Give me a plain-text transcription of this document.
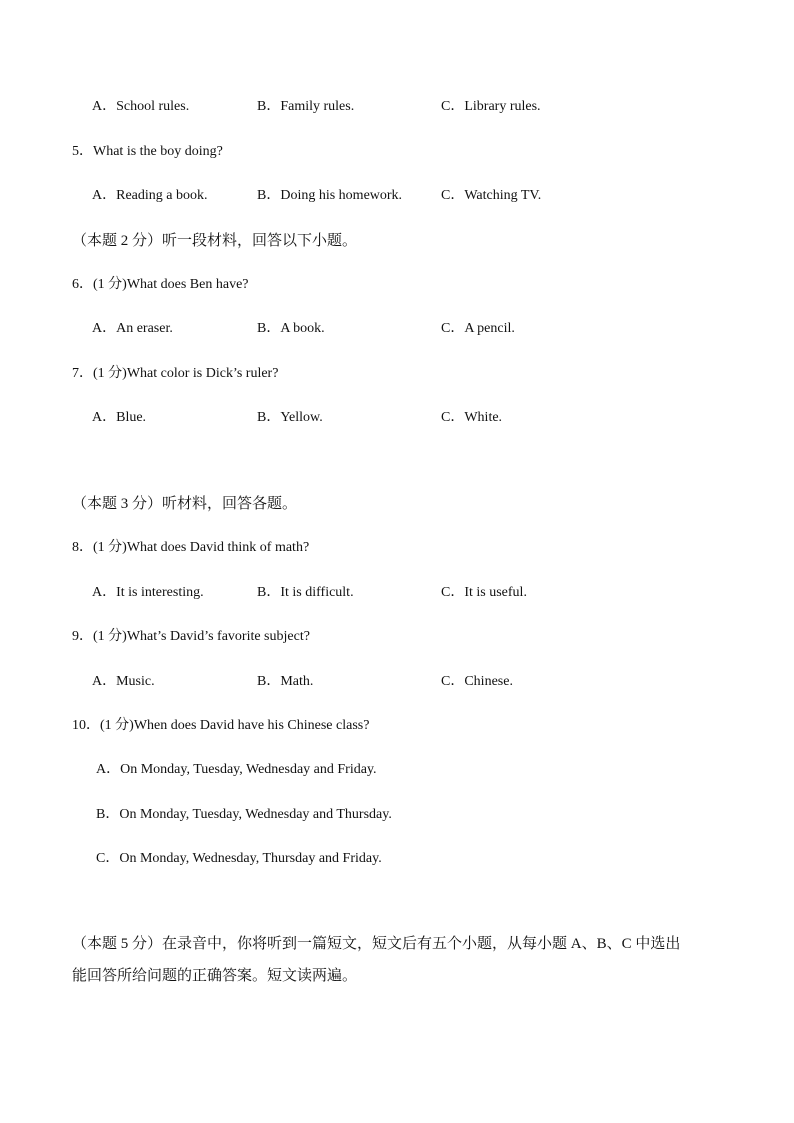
A．School rules.	B．Family rules.	C．Library rules.
5．What is the boy doing?
A．Reading a book.	B．Doing his homework.	C．Watching TV.
（本题 2 分）听一段材料，回答以下小题。
6．(1 分)What does Ben have?
A．An eraser.	B．A book.	C．A pencil.
7．(1 分)What color is Dick’s ruler?
A．Blue.	B．Yellow.	C．White.
（本题 3 分）听材料，回答各题。
8．(1 分)What does David think of math?
A．It is interesting.	B．It is difficult.	C．It is useful.
9．(1 分)What’s David’s favorite subject?
A．Music.	B．Math.	C．Chinese.
10．(1 分)When does David have his Chinese class?
A．On Monday, Tuesday, Wednesday and Friday.
B．On Monday, Tuesday, Wednesday and Thursday.
C．On Monday, Wednesday, Thursday and Friday.
（本题 5 分）在录音中，你将听到一篇短文，短文后有五个小题，从每小题 A、B、C 中选出
能回答所给问题的正确答案。短文读两遍。
